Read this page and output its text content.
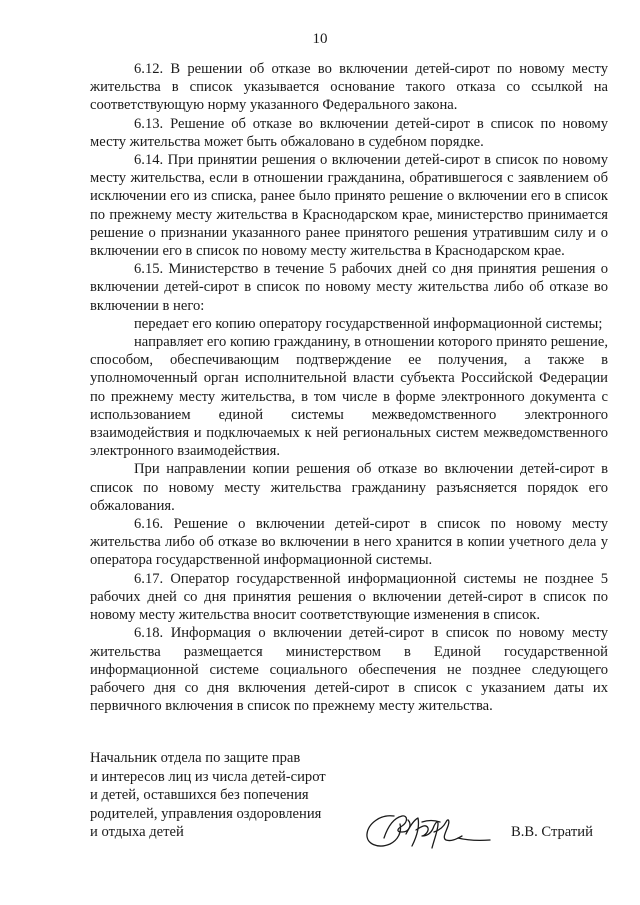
10

6.12. В решении об отказе во включении детей-сирот по новому месту жительства в список указывается основание такого отказа со ссылкой на соответствующую норму указанного Федерального закона.

6.13. Решение об отказе во включении детей-сирот в список по новому месту жительства может быть обжаловано в судебном порядке.

6.14. При принятии решения о включении детей-сирот в список по новому месту жительства, если в отношении гражданина, обратившегося с заявлением об исключении его из списка, ранее было принято решение о включении его в список по прежнему месту жительства в Краснодарском крае, министерство принимается решение о признании указанного ранее принятого решения утратившим силу и о включении его в список по новому месту жительства в Краснодарском крае.

6.15. Министерство в течение 5 рабочих дней со дня принятия решения о включении детей-сирот в список по новому месту жительства либо об отказе во включении в него:

передает его копию оператору государственной информационной системы;

направляет его копию гражданину, в отношении которого принято решение, способом, обеспечивающим подтверждение ее получения, а также в уполномоченный орган исполнительной власти субъекта Российской Федерации по прежнему месту жительства, в том числе в форме электронного документа с использованием единой системы межведомственного электронного взаимодействия и подключаемых к ней региональных систем межведомственного электронного взаимодействия.

При направлении копии решения об отказе во включении детей-сирот в список по новому месту жительства гражданину разъясняется порядок его обжалования.

6.16. Решение о включении детей-сирот в список по новому месту жительства либо об отказе во включении в него хранится в копии учетного дела у оператора государственной информационной системы.

6.17. Оператор государственной информационной системы не позднее 5 рабочих дней со дня принятия решения о включении детей-сирот в список по новому месту жительства вносит соответствующие изменения в список.

6.18. Информация о включении детей-сирот в список по новому месту жительства размещается министерством в Единой государственной информационной системе социального обеспечения не позднее следующего рабочего дня со дня включения детей-сирот в список с указанием даты их первичного включения в список по прежнему месту жительства.

Начальник отдела по защите прав
и интересов лиц из числа детей-сирот
и детей, оставшихся без попечения
родителей, управления оздоровления
и отдыха детей	В.В. Стратий
